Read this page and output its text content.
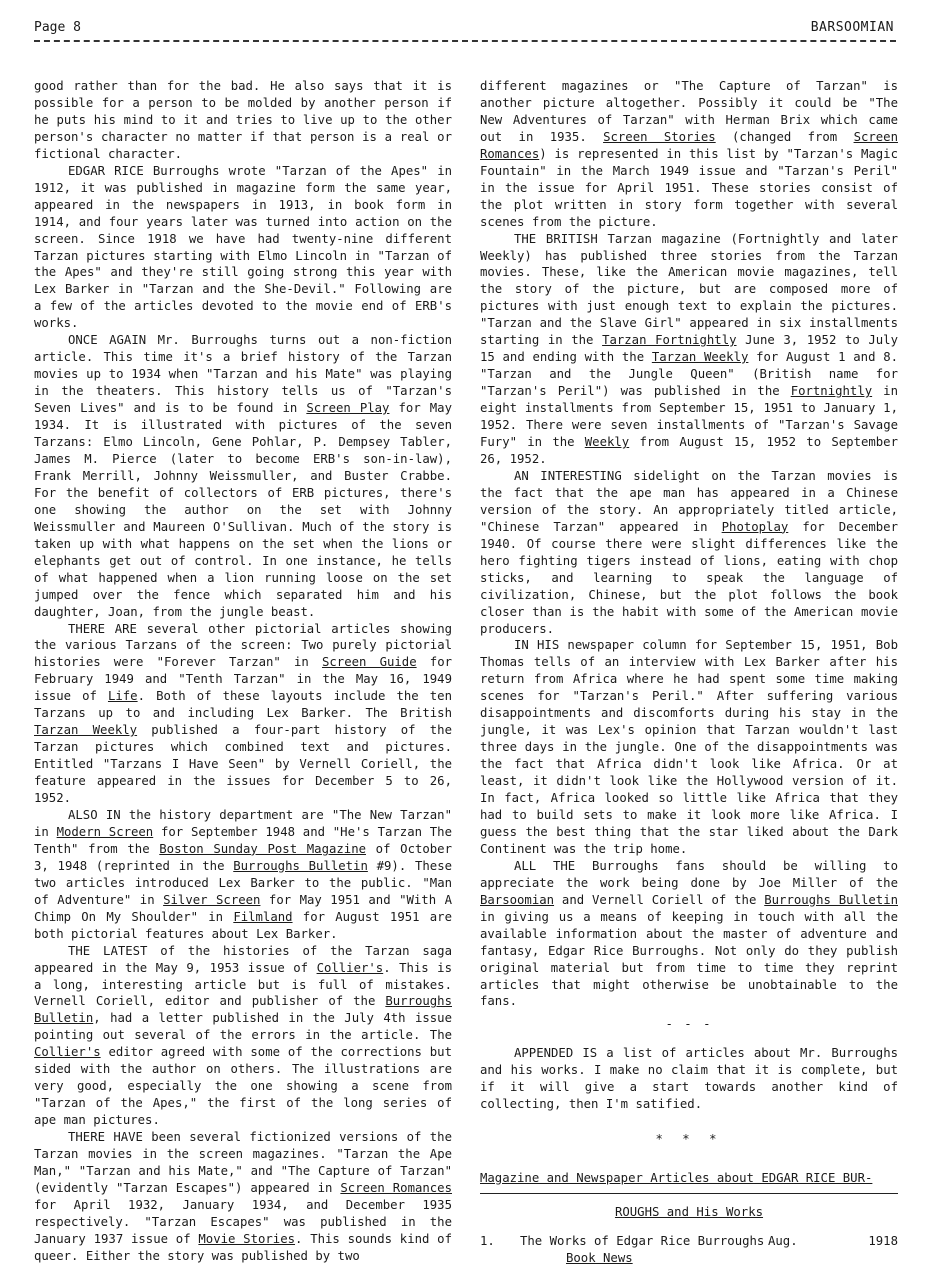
Page 8	BARSOOMIAN

good rather than for the bad. He also says that it is possible for a person to be molded by another person if he puts his mind to it and tries to live up to the other person's character no matter if that person is a real or fictional character.

EDGAR RICE Burroughs wrote "Tarzan of the Apes" in 1912, it was published in magazine form the same year, appeared in the newspapers in 1913, in book form in 1914, and four years later was turned into action on the screen. Since 1918 we have had twenty-nine different Tarzan pictures starting with Elmo Lincoln in "Tarzan of the Apes" and they're still going strong this year with Lex Barker in "Tarzan and the She-Devil." Following are a few of the articles devoted to the movie end of ERB's works.

ONCE AGAIN Mr. Burroughs turns out a non-fiction article. This time it's a brief history of the Tarzan movies up to 1934 when "Tarzan and his Mate" was playing in the theaters. This history tells us of "Tarzan's Seven Lives" and is to be found in Screen Play for May 1934. It is illustrated with pictures of the seven Tarzans: Elmo Lincoln, Gene Pohlar, P. Dempsey Tabler, James M. Pierce (later to become ERB's son-in-law), Frank Merrill, Johnny Weissmuller, and Buster Crabbe. For the benefit of collectors of ERB pictures, there's one showing the author on the set with Johnny Weissmuller and Maureen O'Sullivan. Much of the story is taken up with what happens on the set when the lions or elephants get out of control. In one instance, he tells of what happened when a lion running loose on the set jumped over the fence which separated him and his daughter, Joan, from the jungle beast.

THERE ARE several other pictorial articles showing the various Tarzans of the screen: Two purely pictorial histories were "Forever Tarzan" in Screen Guide for February 1949 and "Tenth Tarzan" in the May 16, 1949 issue of Life. Both of these layouts include the ten Tarzans up to and including Lex Barker. The British Tarzan Weekly published a four-part history of the Tarzan pictures which combined text and pictures. Entitled "Tarzans I Have Seen" by Vernell Coriell, the feature appeared in the issues for December 5 to 26, 1952.

ALSO IN the history department are "The New Tarzan" in Modern Screen for September 1948 and "He's Tarzan The Tenth" from the Boston Sunday Post Magazine of October 3, 1948 (reprinted in the Burroughs Bulletin #9). These two articles introduced Lex Barker to the public. "Man of Adventure" in Silver Screen for May 1951 and "With A Chimp On My Shoulder" in Filmland for August 1951 are both pictorial features about Lex Barker.

THE LATEST of the histories of the Tarzan saga appeared in the May 9, 1953 issue of Collier's. This is a long, interesting article but is full of mistakes. Vernell Coriell, editor and publisher of the Burroughs Bulletin, had a letter published in the July 4th issue pointing out several of the errors in the article. The Collier's editor agreed with some of the corrections but sided with the author on others. The illustrations are very good, especially the one showing a scene from "Tarzan of the Apes," the first of the long series of ape man pictures.

THERE HAVE been several fictionized versions of the Tarzan movies in the screen magazines. "Tarzan the Ape Man," "Tarzan and his Mate," and "The Capture of Tarzan" (evidently "Tarzan Escapes") appeared in Screen Romances for April 1932, January 1934, and December 1935 respectively. "Tarzan Escapes" was published in the January 1937 issue of Movie Stories. This sounds kind of queer. Either the story was published by two

different magazines or "The Capture of Tarzan" is another picture altogether. Possibly it could be "The New Adventures of Tarzan" with Herman Brix which came out in 1935. Screen Stories (changed from Screen Romances) is represented in this list by "Tarzan's Magic Fountain" in the March 1949 issue and "Tarzan's Peril" in the issue for April 1951. These stories consist of the plot written in story form together with several scenes from the picture.

THE BRITISH Tarzan magazine (Fortnightly and later Weekly) has published three stories from the Tarzan movies. These, like the American movie magazines, tell the story of the picture, but are composed more of pictures with just enough text to explain the pictures. "Tarzan and the Slave Girl" appeared in six installments starting in the Tarzan Fortnightly June 3, 1952 to July 15 and ending with the Tarzan Weekly for August 1 and 8. "Tarzan and the Jungle Queen" (British name for "Tarzan's Peril") was published in the Fortnightly in eight installments from September 15, 1951 to January 1, 1952. There were seven installments of "Tarzan's Savage Fury" in the Weekly from August 15, 1952 to September 26, 1952.

AN INTERESTING sidelight on the Tarzan movies is the fact that the ape man has appeared in a Chinese version of the story. An appropriately titled article, "Chinese Tarzan" appeared in Photoplay for December 1940. Of course there were slight differences like the hero fighting tigers instead of lions, eating with chop sticks, and learning to speak the language of civilization, Chinese, but the plot follows the book closer than is the habit with some of the American movie producers.

IN HIS newspaper column for September 15, 1951, Bob Thomas tells of an interview with Lex Barker after his return from Africa where he had spent some time making scenes for "Tarzan's Peril." After suffering various disappointments and discomforts during his stay in the jungle, it was Lex's opinion that Tarzan wouldn't last three days in the jungle. One of the disappointments was the fact that Africa didn't look like Africa. Or at least, it didn't look like the Hollywood version of it. In fact, Africa looked so little like Africa that they had to build sets to make it look more like Africa. I guess the best thing that the star liked about the Dark Continent was the trip home.

ALL THE Burroughs fans should be willing to appreciate the work being done by Joe Miller of the Barsoomian and Vernell Coriell of the Burroughs Bulletin in giving us a means of keeping in touch with all the available information about the master of adventure and fantasy, Edgar Rice Burroughs. Not only do they publish original material but from time to time they reprint articles that might otherwise be unobtainable to the fans.

- - -

APPENDED IS a list of articles about Mr. Burroughs and his works. I make no claim that it is complete, but if it will give a start towards another kind of collecting, then I'm satified.

* * *

Magazine and Newspaper Articles about EDGAR RICE BUR-
ROUGHS and His Works
1. The Works of Edgar Rice Burroughs Aug.	1918
Book News
